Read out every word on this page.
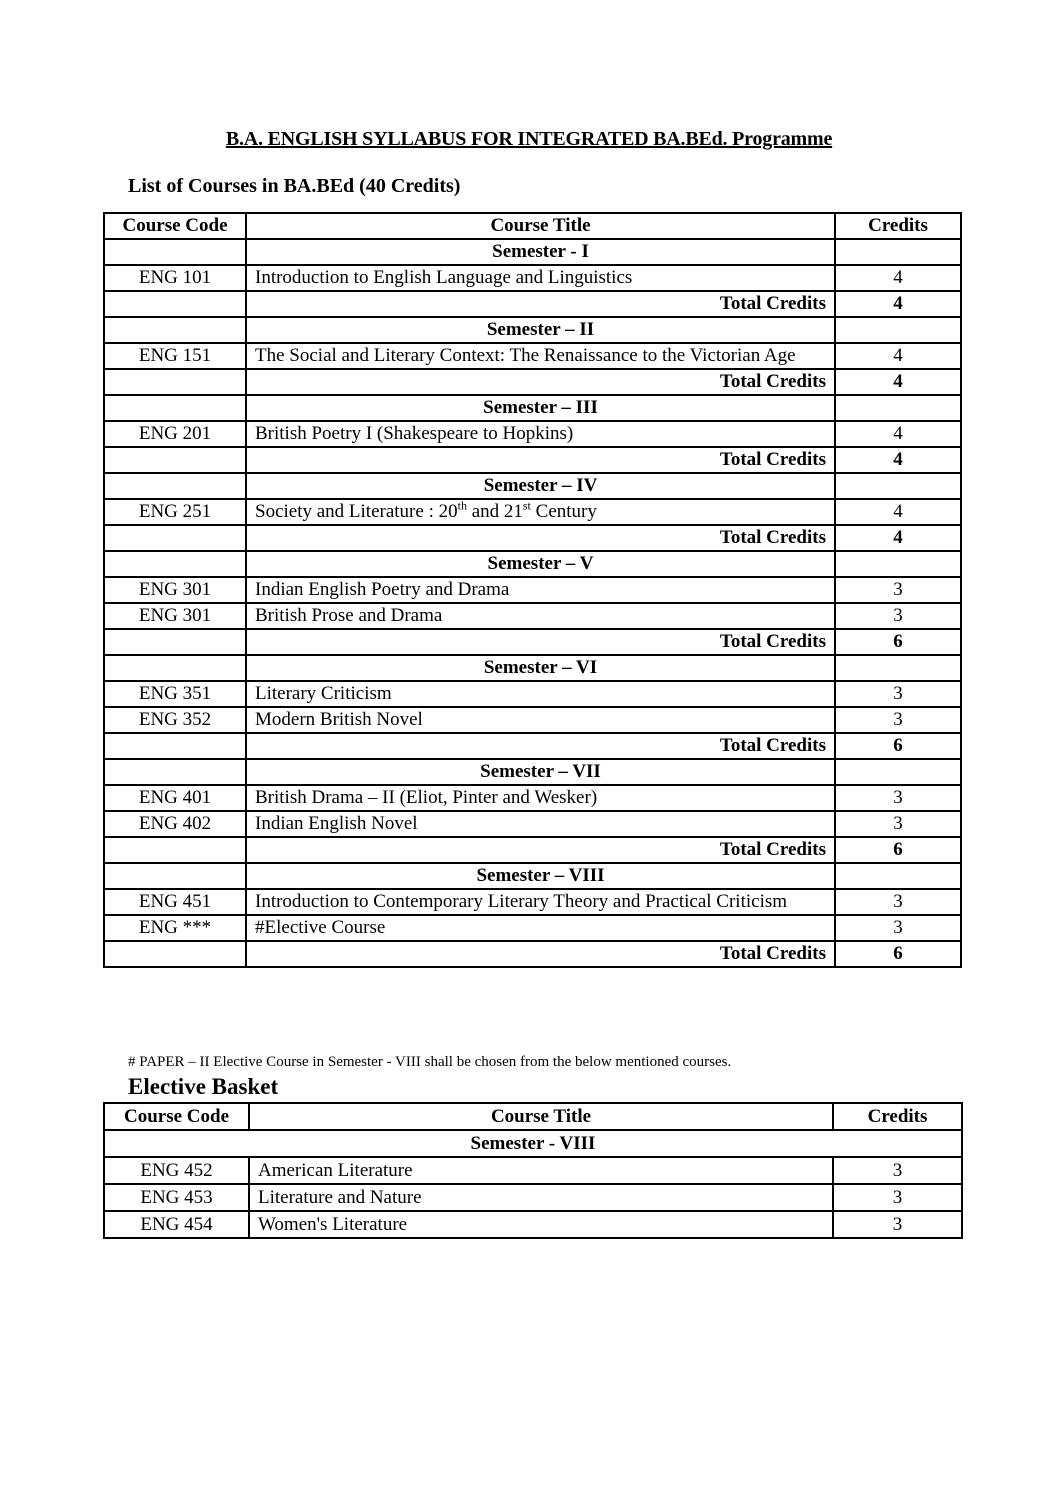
B.A. ENGLISH SYLLABUS FOR INTEGRATED BA.BEd. Programme
List of Courses in BA.BEd (40 Credits)
Course Code	Course Title	Credits
	Semester - I	
ENG 101	Introduction to English Language and Linguistics	4
	Total Credits	4
	Semester – II	
ENG 151	The Social and Literary Context: The Renaissance to the Victorian Age	4
	Total Credits	4
	Semester – III	
ENG 201	British Poetry I (Shakespeare to Hopkins)	4
	Total Credits	4
	Semester – IV	
ENG 251	Society and Literature : 20th and 21st Century	4
	Total Credits	4
	Semester – V	
ENG 301	Indian English Poetry and Drama	3
ENG 301	British Prose and Drama	3
	Total Credits	6
	Semester – VI	
ENG 351	Literary Criticism	3
ENG 352	Modern British Novel	3
	Total Credits	6
	Semester – VII	
ENG 401	British Drama – II (Eliot, Pinter and Wesker)	3
ENG 402	Indian English Novel	3
	Total Credits	6
	Semester – VIII	
ENG 451	Introduction to Contemporary Literary Theory and Practical Criticism	3
ENG ***	#Elective Course	3
	Total Credits	6
# PAPER – II Elective Course in Semester - VIII shall be chosen from the below mentioned courses.
Elective Basket
Course Code	Course Title	Credits
Semester - VIII		
ENG 452	American Literature	3
ENG 453	Literature and Nature	3
ENG 454	Women's Literature	3
